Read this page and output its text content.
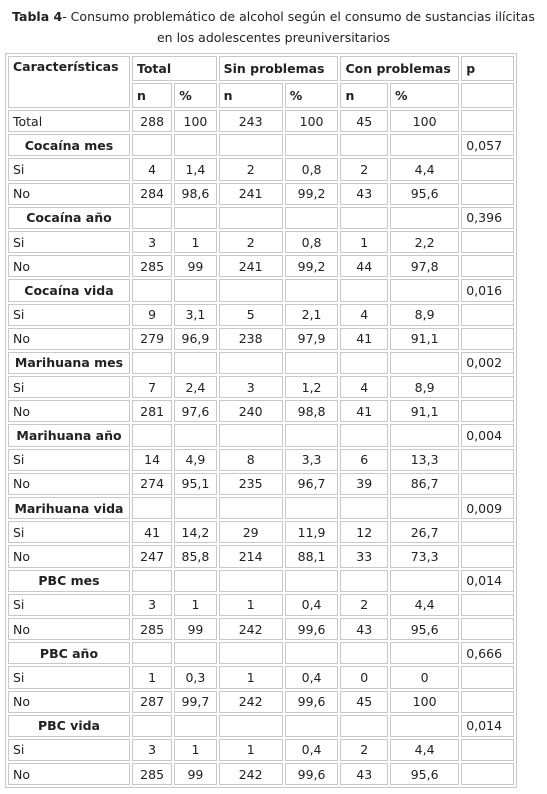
Tabla 4- Consumo problemático de alcohol según el consumo de sustancias ilícitas
en los adolescentes preuniversitarios
Características	Total		Sin problemas		Con problemas		p
	n	%	n	%	n	%	
Total	288	100	243	100	45	100	
Cocaína mes							0,057
Si	4	1,4	2	0,8	2	4,4	
No	284	98,6	241	99,2	43	95,6	
Cocaína año							0,396
Si	3	1	2	0,8	1	2,2	
No	285	99	241	99,2	44	97,8	
Cocaína vida							0,016
Si	9	3,1	5	2,1	4	8,9	
No	279	96,9	238	97,9	41	91,1	
Marihuana mes							0,002
Si	7	2,4	3	1,2	4	8,9	
No	281	97,6	240	98,8	41	91,1	
Marihuana año							0,004
Si	14	4,9	8	3,3	6	13,3	
No	274	95,1	235	96,7	39	86,7	
Marihuana vida							0,009
Si	41	14,2	29	11,9	12	26,7	
No	247	85,8	214	88,1	33	73,3	
PBC mes							0,014
Si	3	1	1	0,4	2	4,4	
No	285	99	242	99,6	43	95,6	
PBC año							0,666
Si	1	0,3	1	0,4	0	0	
No	287	99,7	242	99,6	45	100	
PBC vida							0,014
Si	3	1	1	0,4	2	4,4	
No	285	99	242	99,6	43	95,6	
